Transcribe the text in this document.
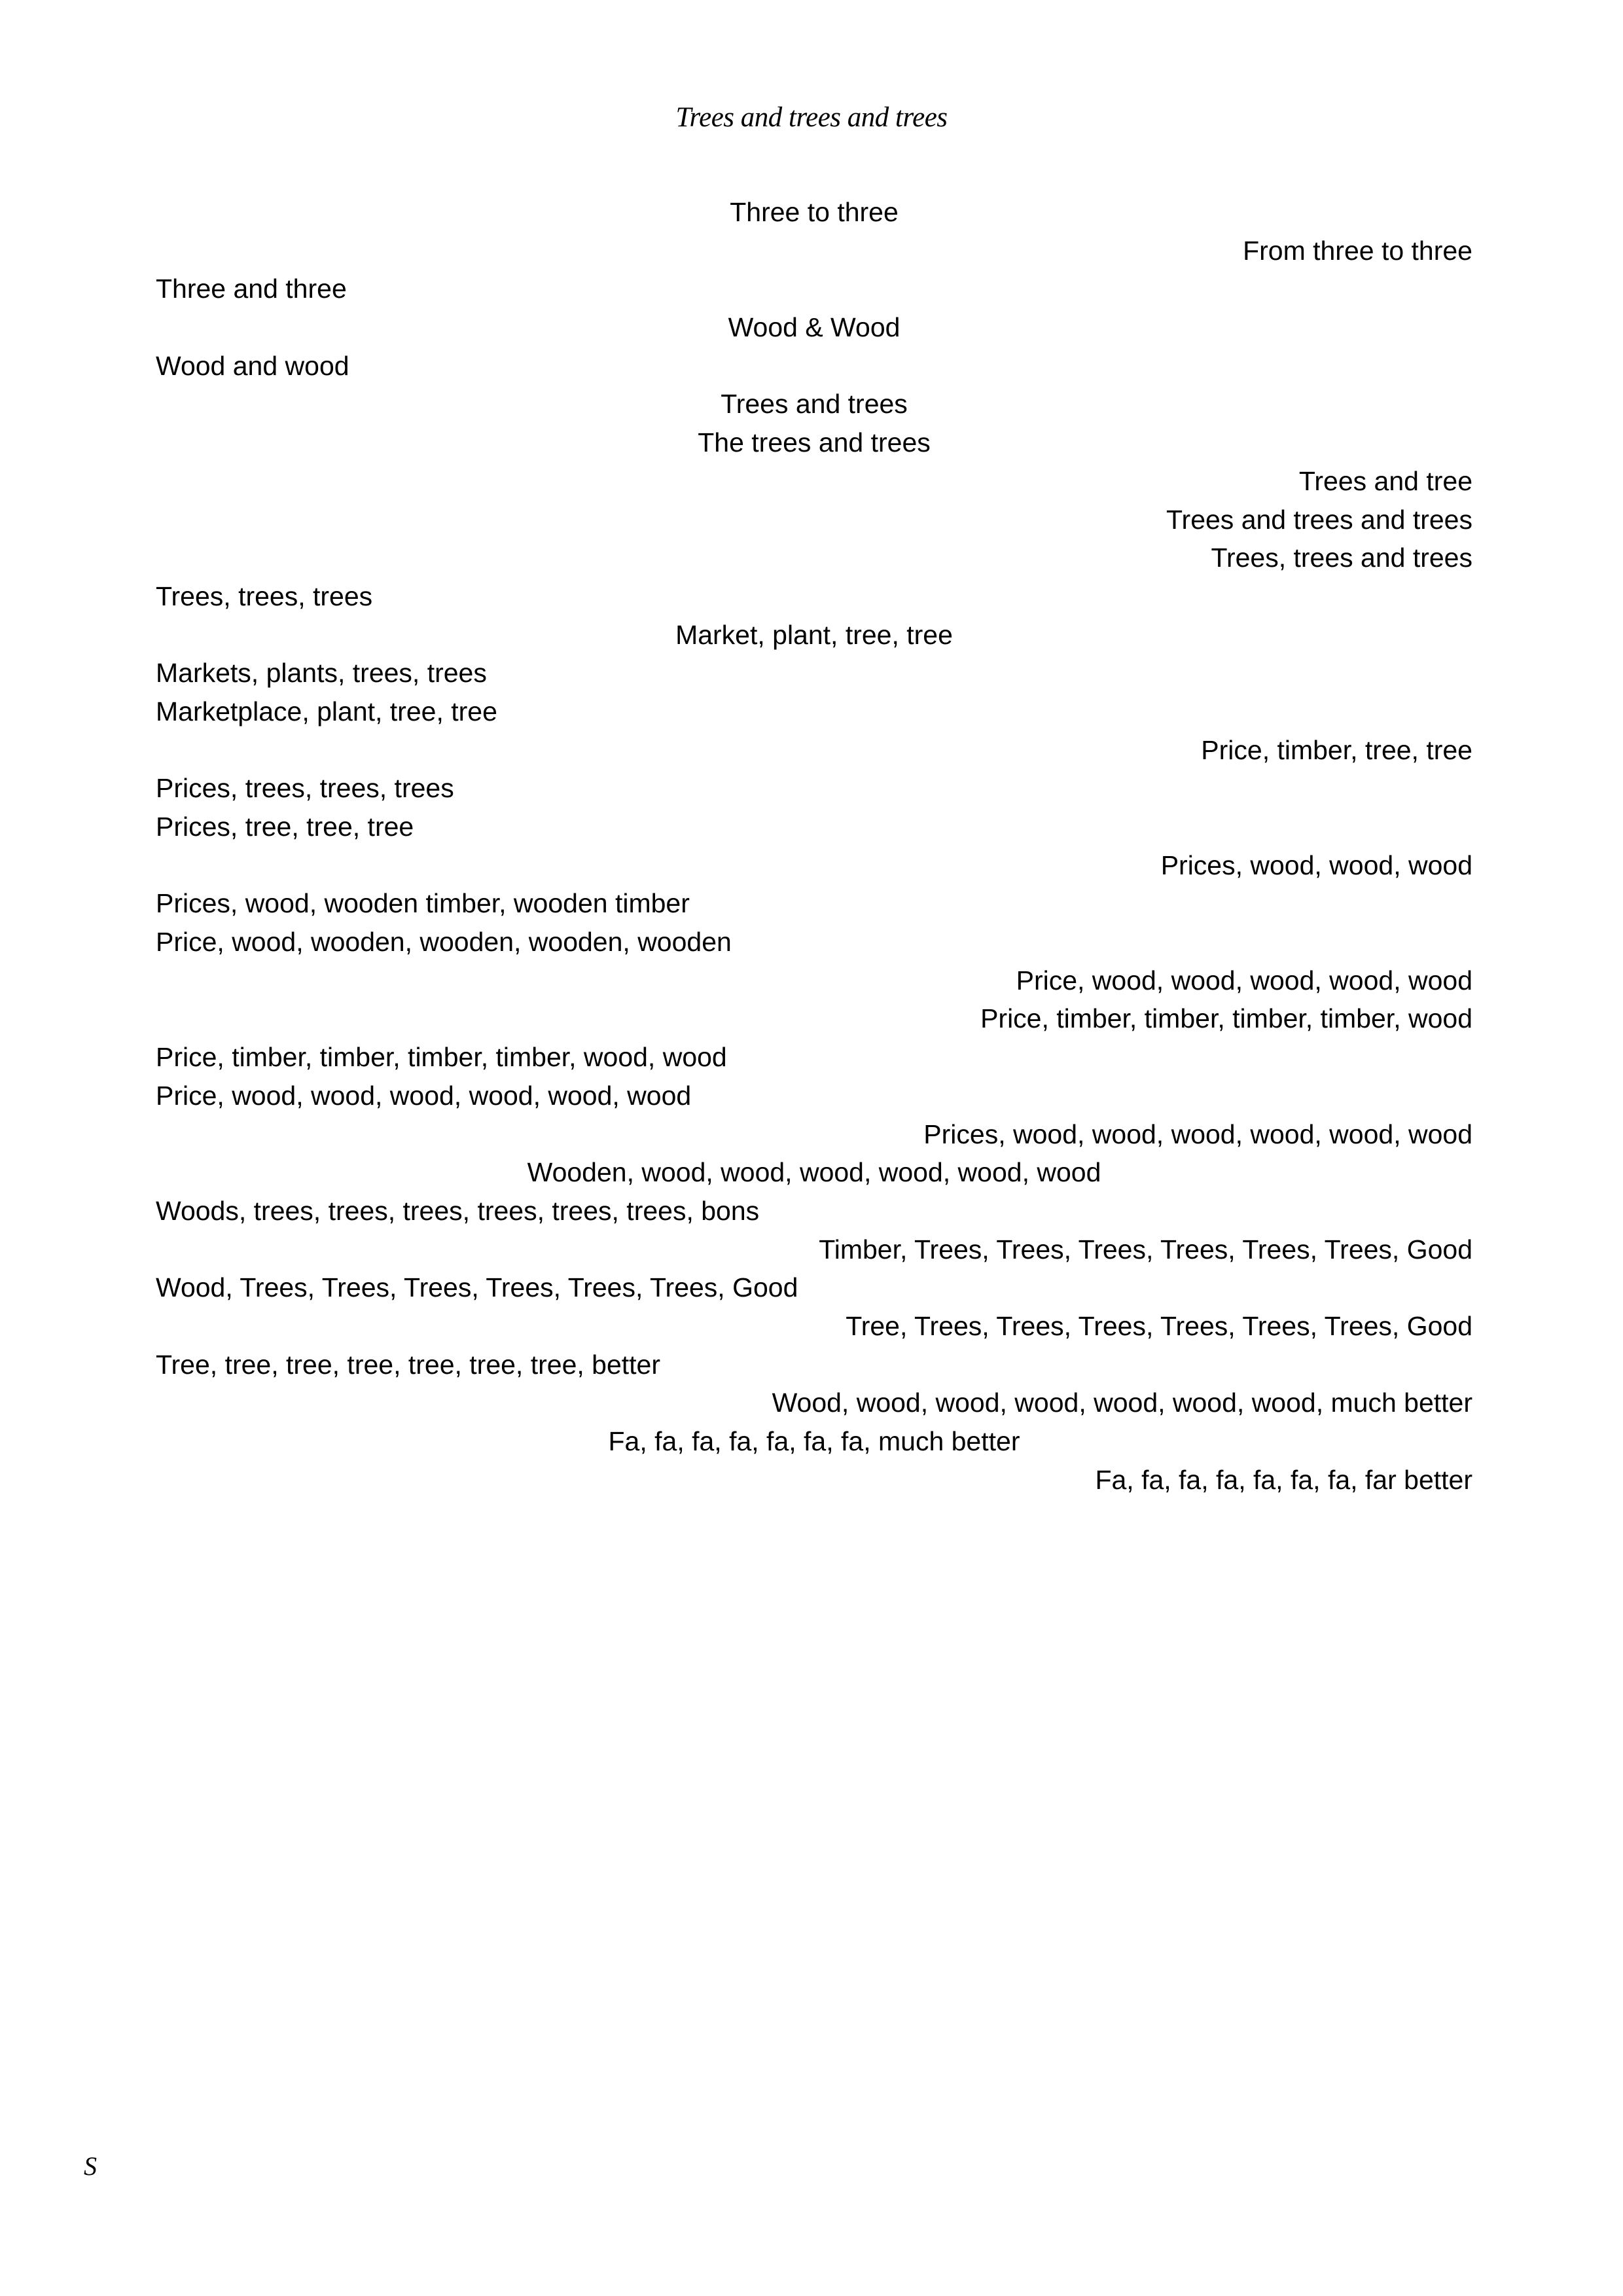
Trees and trees and trees
Three to three
From three to three
Three and three
Wood & Wood
Wood and wood
Trees and trees
The trees and trees
Trees and tree
Trees and trees and trees
Trees, trees and trees
Trees, trees, trees
Market, plant, tree, tree
Markets, plants, trees, trees
Marketplace, plant, tree, tree
Price, timber, tree, tree
Prices, trees, trees, trees
Prices, tree, tree, tree
Prices, wood, wood, wood
Prices, wood, wooden timber, wooden timber
Price, wood, wooden, wooden, wooden, wooden
Price, wood, wood, wood, wood, wood
Price, timber, timber, timber, timber, wood
Price, timber, timber, timber, timber, wood, wood
Price, wood, wood, wood, wood, wood, wood
Prices, wood, wood, wood, wood, wood, wood
Wooden, wood, wood, wood, wood, wood, wood
Woods, trees, trees, trees, trees, trees, trees, bons
Timber, Trees, Trees, Trees, Trees, Trees, Trees, Good
Wood, Trees, Trees, Trees, Trees, Trees, Trees, Good
Tree, Trees, Trees, Trees, Trees, Trees, Trees, Good
Tree, tree, tree, tree, tree, tree, tree, better
Wood, wood, wood, wood, wood, wood, wood, much better
Fa, fa, fa, fa, fa, fa, fa, much better
Fa, fa, fa, fa, fa, fa, fa, far better
S
